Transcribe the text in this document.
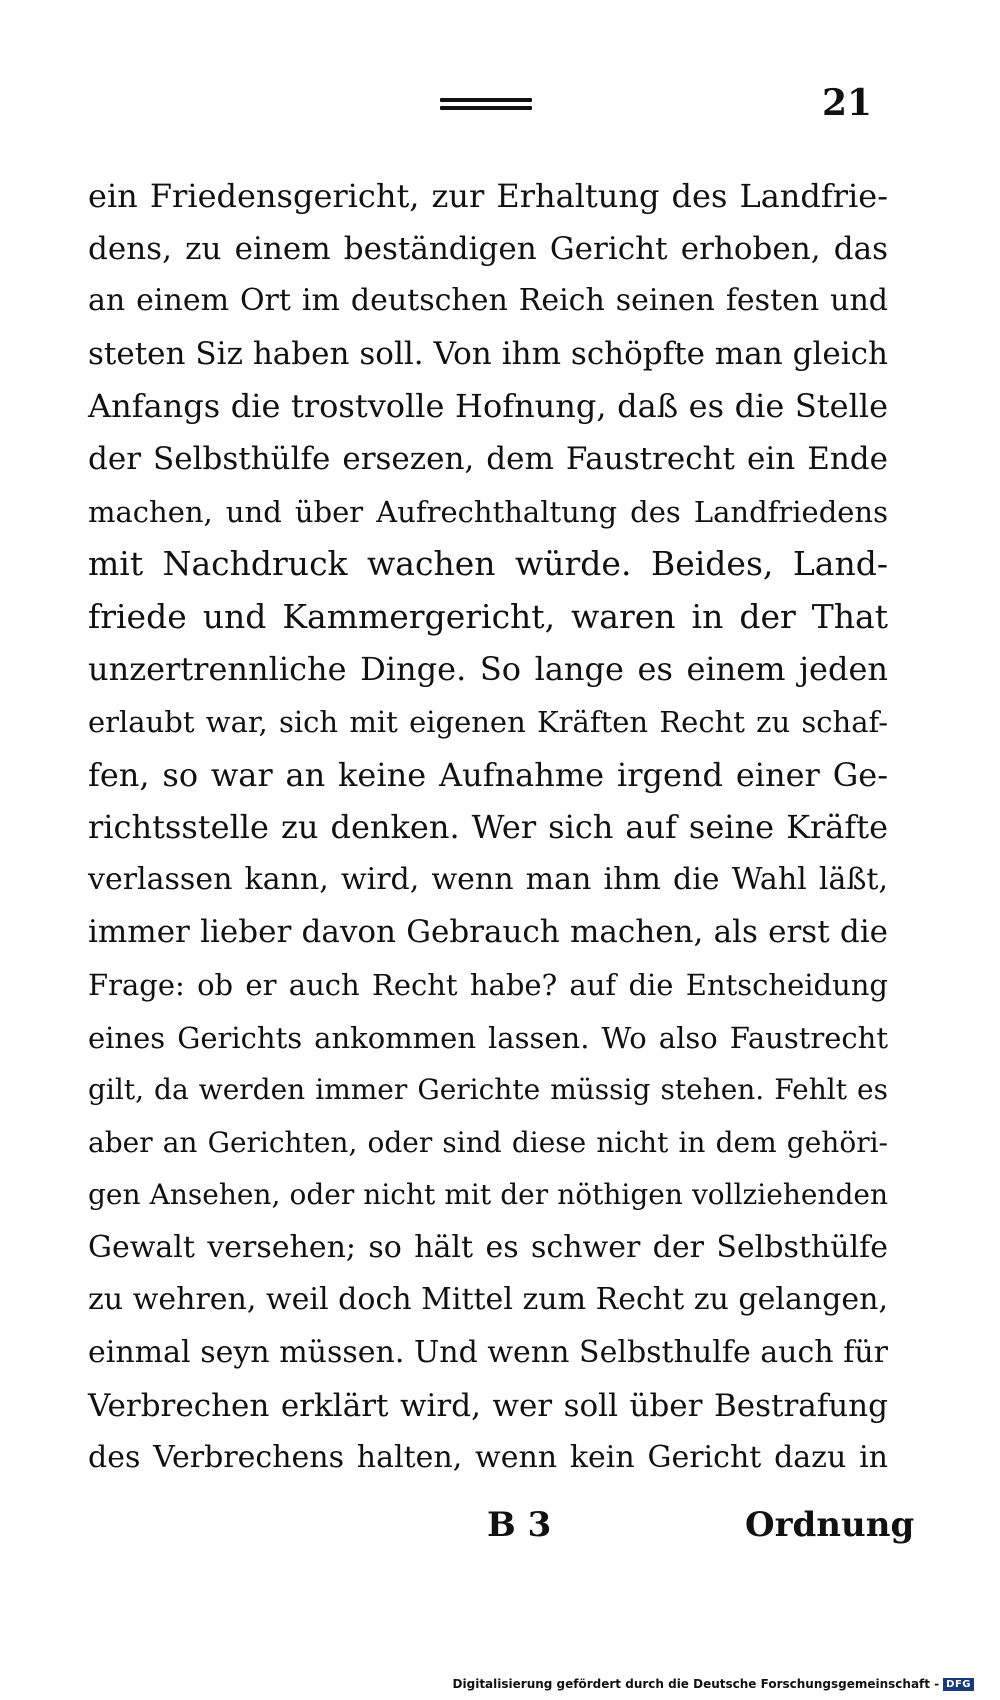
21
ein Friedensgericht, zur Erhaltung des Landfrie-
dens, zu einem beständigen Gericht erhoben, das
an einem Ort im deutschen Reich seinen festen und
steten Siz haben soll. Von ihm schöpfte man gleich
Anfangs die trostvolle Hofnung, daß es die Stelle
der Selbsthülfe ersezen, dem Faustrecht ein Ende
machen, und über Aufrechthaltung des Landfriedens
mit Nachdruck wachen würde. Beides, Land-
friede und Kammergericht, waren in der That
unzertrennliche Dinge. So lange es einem jeden
erlaubt war, sich mit eigenen Kräften Recht zu schaf-
fen, so war an keine Aufnahme irgend einer Ge-
richtsstelle zu denken. Wer sich auf seine Kräfte
verlassen kann, wird, wenn man ihm die Wahl läßt,
immer lieber davon Gebrauch machen, als erst die
Frage: ob er auch Recht habe? auf die Entscheidung
eines Gerichts ankommen lassen. Wo also Faustrecht
gilt, da werden immer Gerichte müssig stehen. Fehlt es
aber an Gerichten, oder sind diese nicht in dem gehöri-
gen Ansehen, oder nicht mit der nöthigen vollziehenden
Gewalt versehen; so hält es schwer der Selbsthülfe
zu wehren, weil doch Mittel zum Recht zu gelangen,
einmal seyn müssen. Und wenn Selbsthulfe auch für
Verbrechen erklärt wird, wer soll über Bestrafung
des Verbrechens halten, wenn kein Gericht dazu in
B 3	Ordnung
Digitalisierung gefördert durch die Deutsche Forschungsgemeinschaft - DFG
